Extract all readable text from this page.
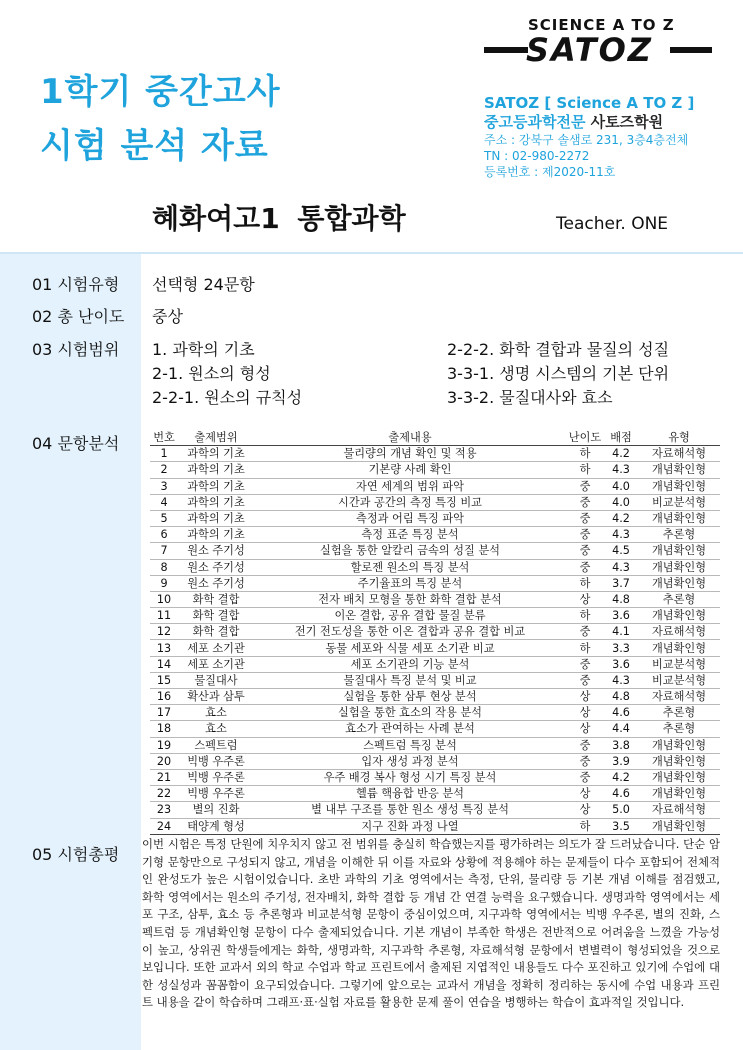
1학기 중간고사
시험 분석 자료
SCIENCE A TO Z
SATOZ
SATOZ [ Science A TO Z ]
중고등과학전문 사토즈학원
주소 : 강북구 솔샘로 231, 3층4층전체
TN : 02-980-2272
등록번호 : 제2020-11호
혜화여고1 통합과학	Teacher. ONE
01 시험유형 선택형 24문항
02 총 난이도 중상
03 시험범위 1. 과학의 기초	2-2-2. 화학 결합과 물질의 성질
2-1. 원소의 형성	3-3-1. 생명 시스템의 기본 단위
2-2-1. 원소의 규칙성	3-3-2. 물질대사와 효소
04 문항분석	번호	출제범위	출제내용	난이도	배점	유형
1	과학의 기초	물리량의 개념 확인 및 적용	하	4.2	자료해석형
2	과학의 기초	기본량 사례 확인	하	4.3	개념확인형
3	과학의 기초	자연 세계의 범위 파악	중	4.0	개념확인형
4	과학의 기초	시간과 공간의 측정 특징 비교	중	4.0	비교분석형
5	과학의 기초	측정과 어림 특징 파악	중	4.2	개념확인형
6	과학의 기초	측정 표준 특징 분석	중	4.3	추론형
7	원소 주기성	실험을 통한 알칼리 금속의 성질 분석	중	4.5	개념확인형
8	원소 주기성	할로젠 원소의 특징 분석	중	4.3	개념확인형
9	원소 주기성	주기율표의 특징 분석	하	3.7	개념확인형
10	화학 결합	전자 배치 모형을 통한 화학 결합 분석	상	4.8	추론형
11	화학 결합	이온 결합, 공유 결합 물질 분류	하	3.6	개념확인형
12	화학 결합	전기 전도성을 통한 이온 결합과 공유 결합 비교	중	4.1	자료해석형
13	세포 소기관	동물 세포와 식물 세포 소기관 비교	하	3.3	개념확인형
14	세포 소기관	세포 소기관의 기능 분석	중	3.6	비교분석형
15	물질대사	물질대사 특징 분석 및 비교	중	4.3	비교분석형
16	확산과 삼투	실험을 통한 삼투 현상 분석	상	4.8	자료해석형
17	효소	실험을 통한 효소의 작용 분석	상	4.6	추론형
18	효소	효소가 관여하는 사례 분석	상	4.4	추론형
19	스펙트럼	스펙트럼 특징 분석	중	3.8	개념확인형
20	빅뱅 우주론	입자 생성 과정 분석	중	3.9	개념확인형
21	빅뱅 우주론	우주 배경 복사 형성 시기 특징 분석	중	4.2	개념확인형
22	빅뱅 우주론	헬륨 핵융합 반응 분석	상	4.6	개념확인형
23	별의 진화	별 내부 구조를 통한 원소 생성 특징 분석	상	5.0	자료해석형
24	태양계 형성	지구 진화 과정 나열	하	3.5	개념확인형
05 시험총평
이번 시험은 특정 단원에 치우치지 않고 전 범위를 충실히 학습했는지를 평가하려는 의도가 잘 드러났습니다. 단순 암기형 문항만으로 구성되지 않고, 개념을 이해한 뒤 이를 자료와 상황에 적용해야 하는 문제들이 다수 포함되어 전체적인 완성도가 높은 시험이었습니다. 초반 과학의 기초 영역에서는 측정, 단위, 물리량 등 기본 개념 이해를 점검했고, 화학 영역에서는 원소의 주기성, 전자배치, 화학 결합 등 개념 간 연결 능력을 요구했습니다. 생명과학 영역에서는 세포 구조, 삼투, 효소 등 추론형과 비교분석형 문항이 중심이었으며, 지구과학 영역에서는 빅뱅 우주론, 별의 진화, 스펙트럼 등 개념확인형 문항이 다수 출제되었습니다. 기본 개념이 부족한 학생은 전반적으로 어려움을 느꼈을 가능성이 높고, 상위권 학생들에게는 화학, 생명과학, 지구과학 추론형, 자료해석형 문항에서 변별력이 형성되었을 것으로 보입니다. 또한 교과서 외의 학교 수업과 학교 프린트에서 출제된 지엽적인 내용들도 다수 포진하고 있기에 수업에 대한 성실성과 꼼꼼함이 요구되었습니다. 그렇기에 앞으로는 교과서 개념을 정확히 정리하는 동시에 수업 내용과 프린트 내용을 같이 학습하며 그래프·표·실험 자료를 활용한 문제 풀이 연습을 병행하는 학습이 효과적일 것입니다.
